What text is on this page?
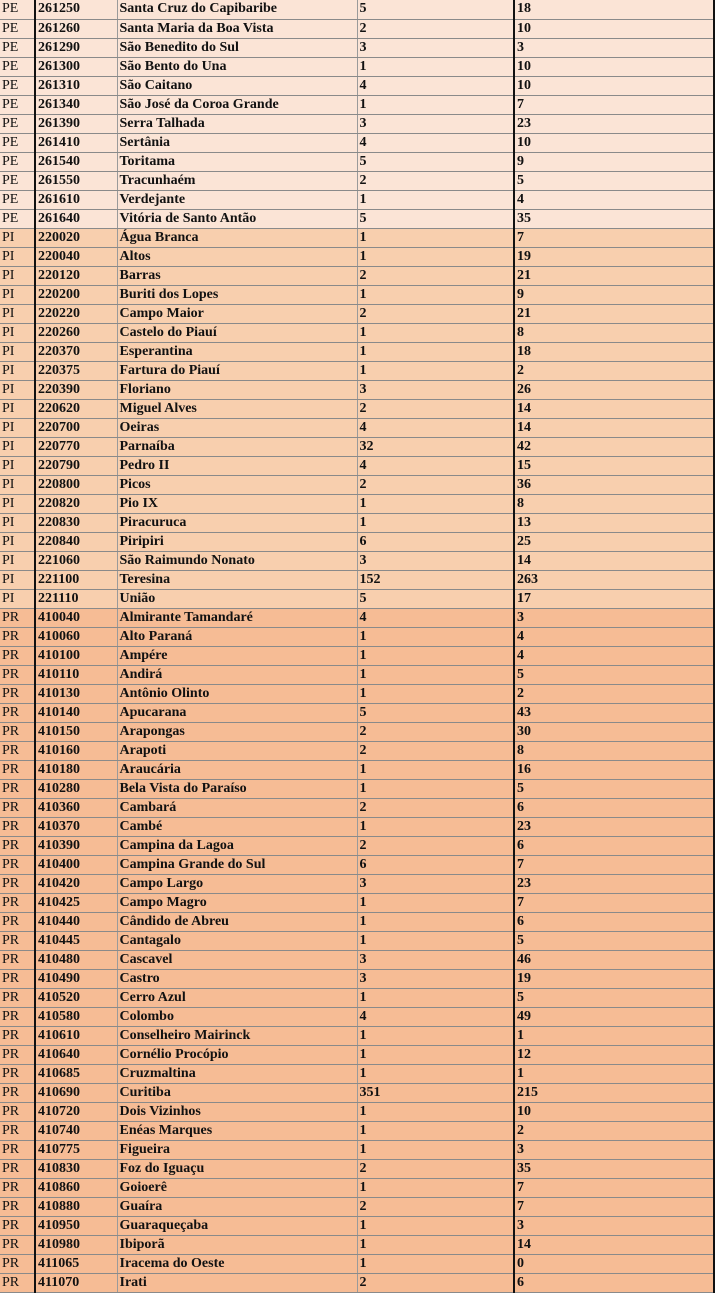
PE	261250	Santa Cruz do Capibaribe	5	18
PE	261260	Santa Maria da Boa Vista	2	10
PE	261290	São Benedito do Sul	3	3
PE	261300	São Bento do Una	1	10
PE	261310	São Caitano	4	10
PE	261340	São José da Coroa Grande	1	7
PE	261390	Serra Talhada	3	23
PE	261410	Sertânia	4	10
PE	261540	Toritama	5	9
PE	261550	Tracunhaém	2	5
PE	261610	Verdejante	1	4
PE	261640	Vitória de Santo Antão	5	35
PI	220020	Água Branca	1	7
PI	220040	Altos	1	19
PI	220120	Barras	2	21
PI	220200	Buriti dos Lopes	1	9
PI	220220	Campo Maior	2	21
PI	220260	Castelo do Piauí	1	8
PI	220370	Esperantina	1	18
PI	220375	Fartura do Piauí	1	2
PI	220390	Floriano	3	26
PI	220620	Miguel Alves	2	14
PI	220700	Oeiras	4	14
PI	220770	Parnaíba	32	42
PI	220790	Pedro II	4	15
PI	220800	Picos	2	36
PI	220820	Pio IX	1	8
PI	220830	Piracuruca	1	13
PI	220840	Piripiri	6	25
PI	221060	São Raimundo Nonato	3	14
PI	221100	Teresina	152	263
PI	221110	União	5	17
PR	410040	Almirante Tamandaré	4	3
PR	410060	Alto Paraná	1	4
PR	410100	Ampére	1	4
PR	410110	Andirá	1	5
PR	410130	Antônio Olinto	1	2
PR	410140	Apucarana	5	43
PR	410150	Arapongas	2	30
PR	410160	Arapoti	2	8
PR	410180	Araucária	1	16
PR	410280	Bela Vista do Paraíso	1	5
PR	410360	Cambará	2	6
PR	410370	Cambé	1	23
PR	410390	Campina da Lagoa	2	6
PR	410400	Campina Grande do Sul	6	7
PR	410420	Campo Largo	3	23
PR	410425	Campo Magro	1	7
PR	410440	Cândido de Abreu	1	6
PR	410445	Cantagalo	1	5
PR	410480	Cascavel	3	46
PR	410490	Castro	3	19
PR	410520	Cerro Azul	1	5
PR	410580	Colombo	4	49
PR	410610	Conselheiro Mairinck	1	1
PR	410640	Cornélio Procópio	1	12
PR	410685	Cruzmaltina	1	1
PR	410690	Curitiba	351	215
PR	410720	Dois Vizinhos	1	10
PR	410740	Enéas Marques	1	2
PR	410775	Figueira	1	3
PR	410830	Foz do Iguaçu	2	35
PR	410860	Goioerê	1	7
PR	410880	Guaíra	2	7
PR	410950	Guaraqueçaba	1	3
PR	410980	Ibiporã	1	14
PR	411065	Iracema do Oeste	1	0
PR	411070	Irati	2	6
